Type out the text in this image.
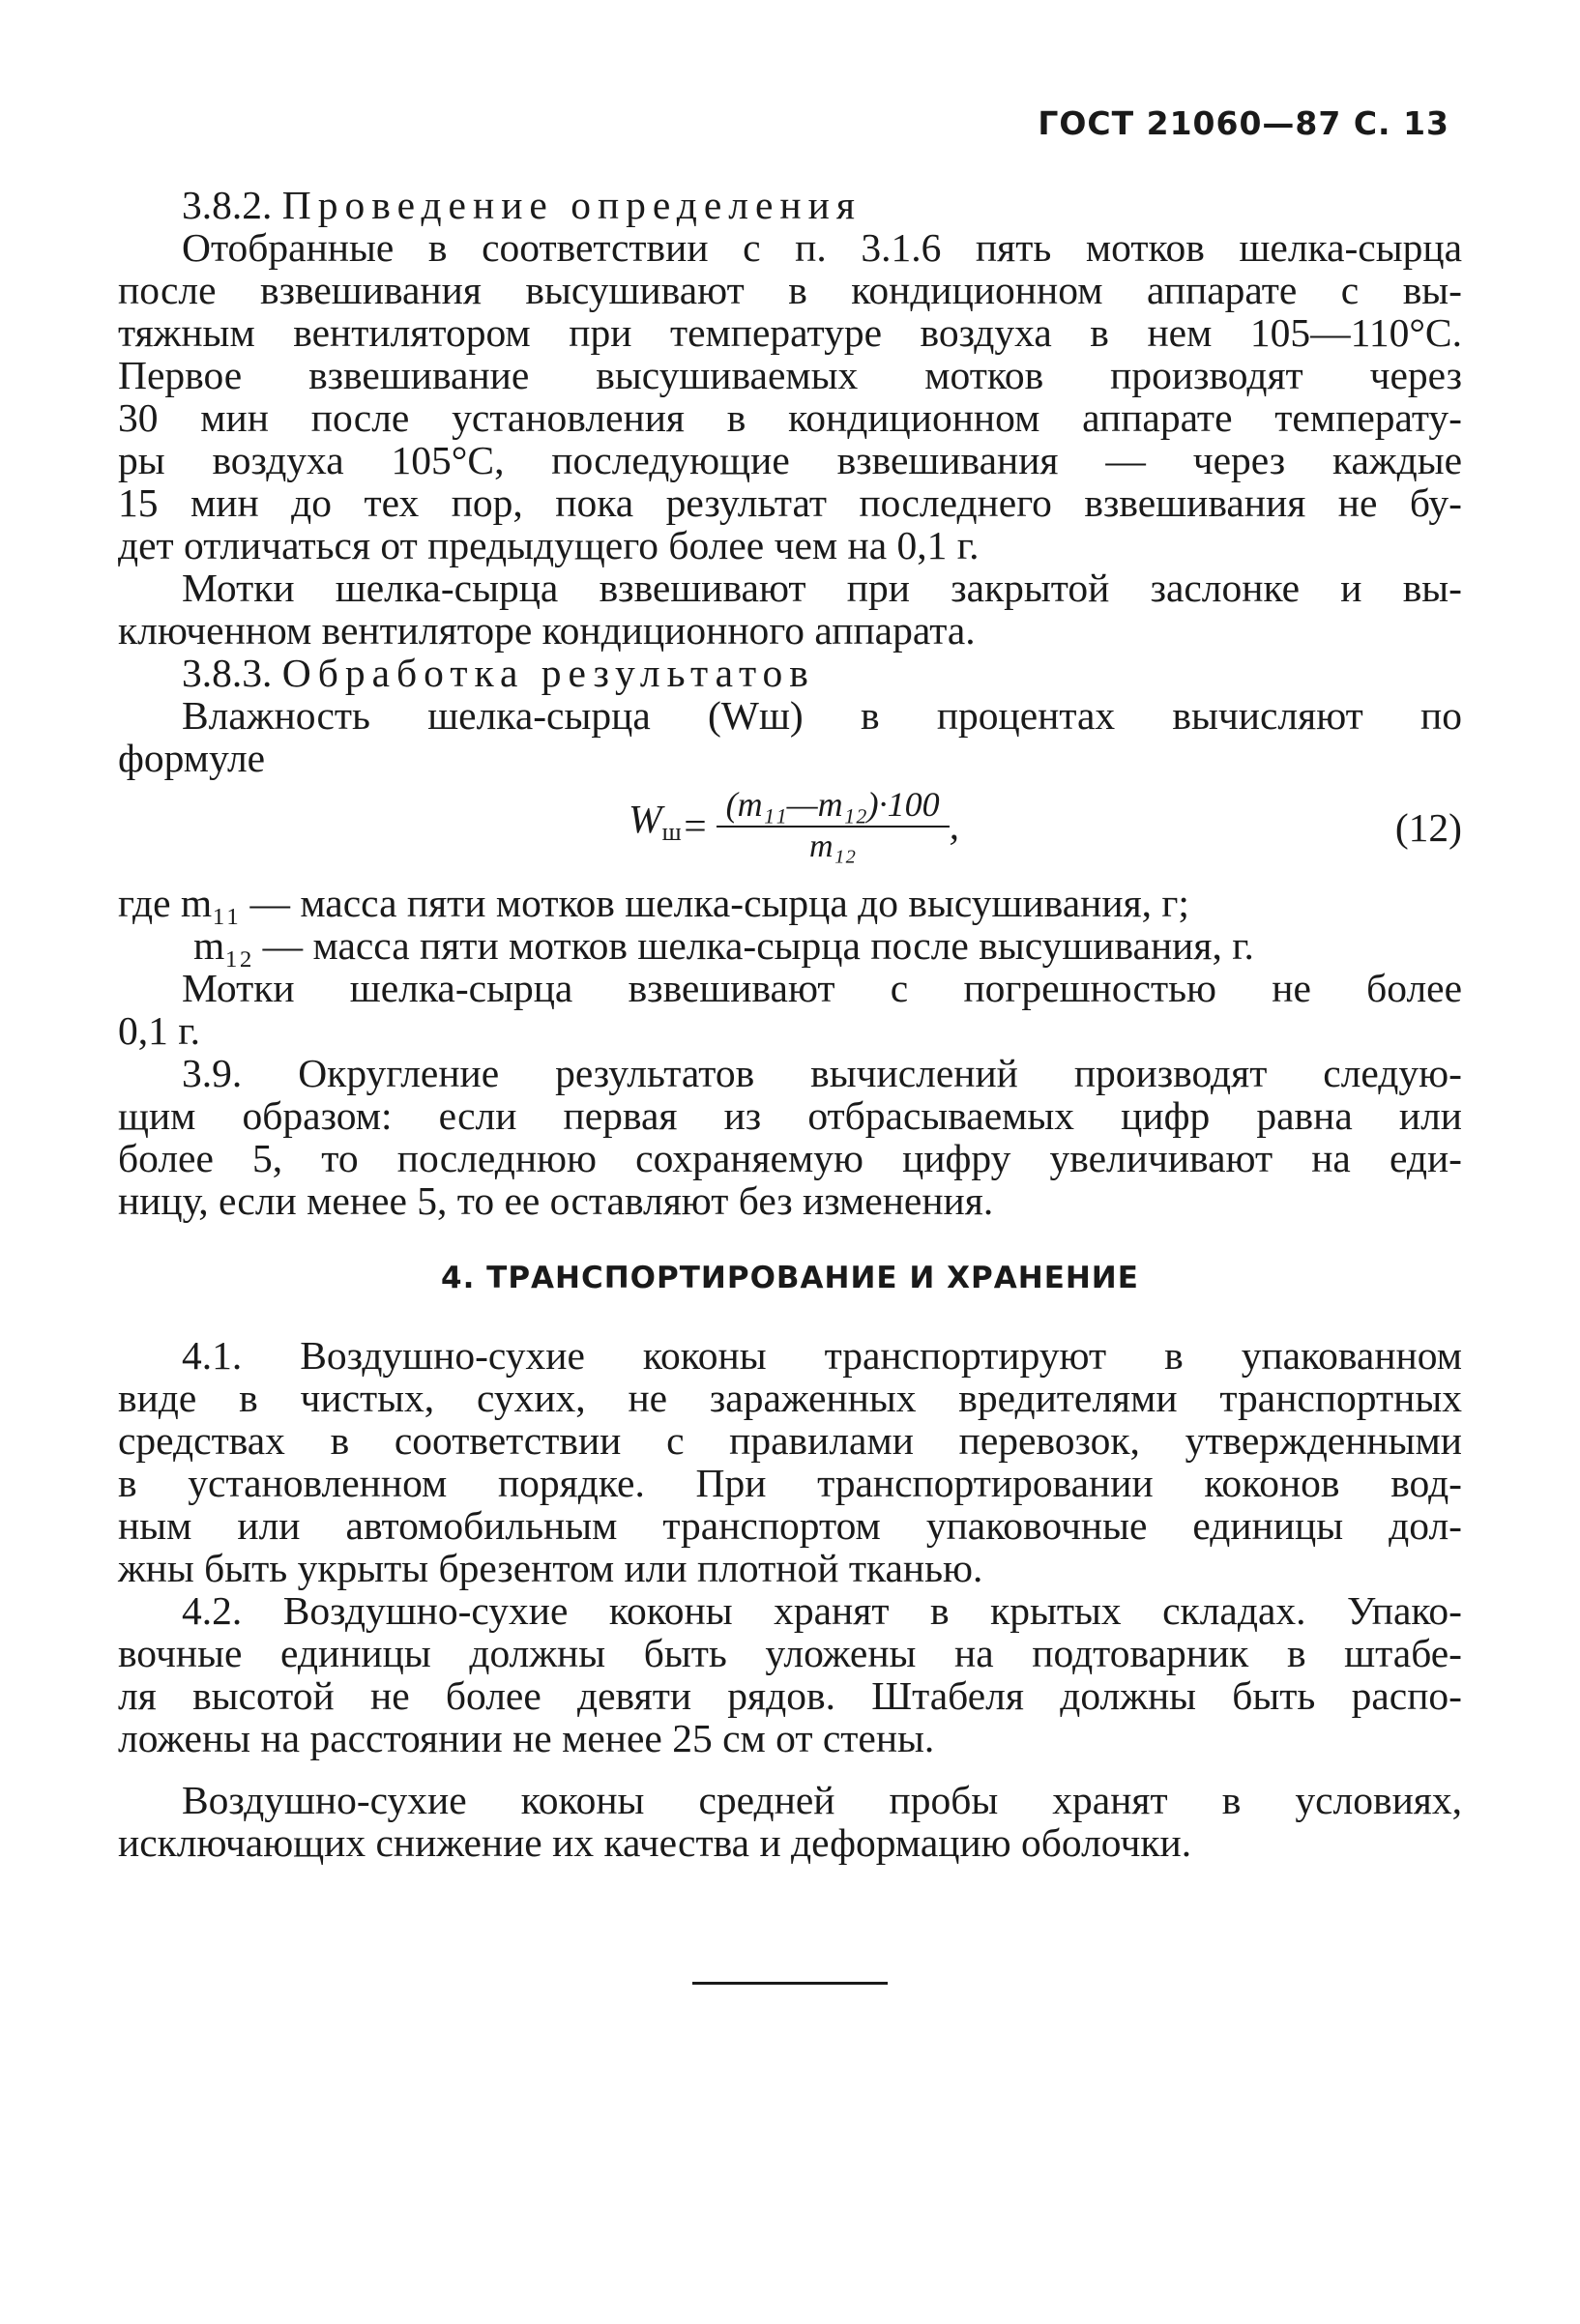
ГОСТ 21060—87 С. 13
3.8.2. Проведение определения
Отобранные в соответствии с п. 3.1.6 пять мотков шелка-сырца
после взвешивания высушивают в кондиционном аппарате с вы-
тяжным вентилятором при температуре воздуха в нем 105—110°С.
Первое взвешивание высушиваемых мотков производят через
30 мин после установления в кондиционном аппарате температу-
ры воздуха 105°С, последующие взвешивания — через каждые
15 мин до тех пор, пока результат последнего взвешивания не бу-
дет отличаться от предыдущего более чем на 0,1 г.
Мотки шелка-сырца взвешивают при закрытой заслонке и вы-
ключенном вентиляторе кондиционного аппарата.
3.8.3. Обработка результатов
Влажность шелка-сырца (Wш) в процентах вычисляют по
формуле
$W_ш = \frac{\text{(m₁₁—m₁₂)·100}}{\text{m₁₂}}$ ,	(12)
где m₁₁ — масса пяти мотков шелка-сырца до высушивания, г;
m₁₂ — масса пяти мотков шелка-сырца после высушивания, г.
Мотки шелка-сырца взвешивают с погрешностью не более
0,1 г.
3.9. Округление результатов вычислений производят следую-
щим образом: если первая из отбрасываемых цифр равна или
более 5, то последнюю сохраняемую цифру увеличивают на еди-
ницу, если менее 5, то ее оставляют без изменения.
4. ТРАНСПОРТИРОВАНИЕ И ХРАНЕНИЕ
4.1. Воздушно-сухие коконы транспортируют в упакованном
виде в чистых, сухих, не зараженных вредителями транспортных
средствах в соответствии с правилами перевозок, утвержденными
в установленном порядке. При транспортировании коконов вод-
ным или автомобильным транспортом упаковочные единицы дол-
жны быть укрыты брезентом или плотной тканью.
4.2. Воздушно-сухие коконы хранят в крытых складах. Упако-
вочные единицы должны быть уложены на подтоварник в штабе-
ля высотой не более девяти рядов. Штабеля должны быть распо-
ложены на расстоянии не менее 25 см от стены.
Воздушно-сухие коконы средней пробы хранят в условиях,
исключающих снижение их качества и деформацию оболочки.
